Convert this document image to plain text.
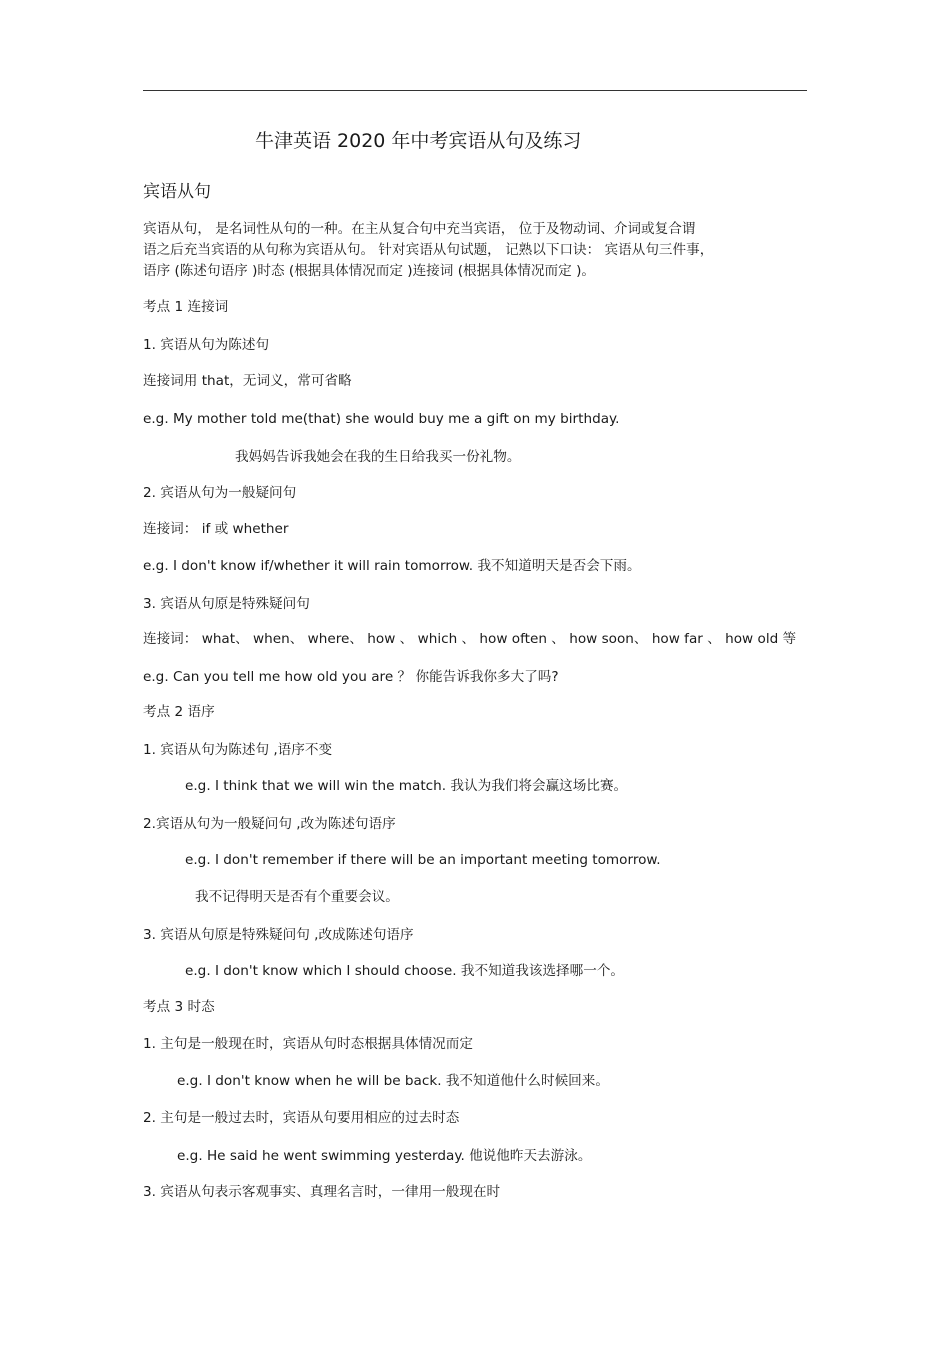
牛津英语 2020 年中考宾语从句及练习
宾语从句
宾语从句， 是名词性从句的一种。在主从复合句中充当宾语， 位于及物动词、介词或复合谓
语之后充当宾语的从句称为宾语从句。 针对宾语从句试题， 记熟以下口诀： 宾语从句三件事，
语序 (陈述句语序 )时态 (根据具体情况而定 )连接词 (根据具体情况而定 )。
考点 1 连接词
1. 宾语从句为陈述句
连接词用 that，无词义，常可省略
e.g. My mother told me(that) she would buy me a gift on my birthday.
我妈妈告诉我她会在我的生日给我买一份礼物。
2. 宾语从句为一般疑问句
连接词： if 或 whether
e.g. I don't know if/whether it will rain tomorrow. 我不知道明天是否会下雨。
3. 宾语从句原是特殊疑问句
连接词： what、 when、 where、 how 、 which 、 how often 、 how soon、 how far 、 how old 等
e.g. Can you tell me how old you are ？ 你能告诉我你多大了吗?
考点 2 语序
1. 宾语从句为陈述句 ,语序不变
e.g. I think that we will win the match. 我认为我们将会赢这场比赛。
2.宾语从句为一般疑问句 ,改为陈述句语序
e.g. I don't remember if there will be an important meeting tomorrow.
我不记得明天是否有个重要会议。
3. 宾语从句原是特殊疑问句 ,改成陈述句语序
e.g. I don't know which I should choose. 我不知道我该选择哪一个。
考点 3 时态
1. 主句是一般现在时，宾语从句时态根据具体情况而定
e.g. I don't know when he will be back. 我不知道他什么时候回来。
2. 主句是一般过去时，宾语从句要用相应的过去时态
e.g. He said he went swimming yesterday. 他说他昨天去游泳。
3. 宾语从句表示客观事实、真理名言时，一律用一般现在时
